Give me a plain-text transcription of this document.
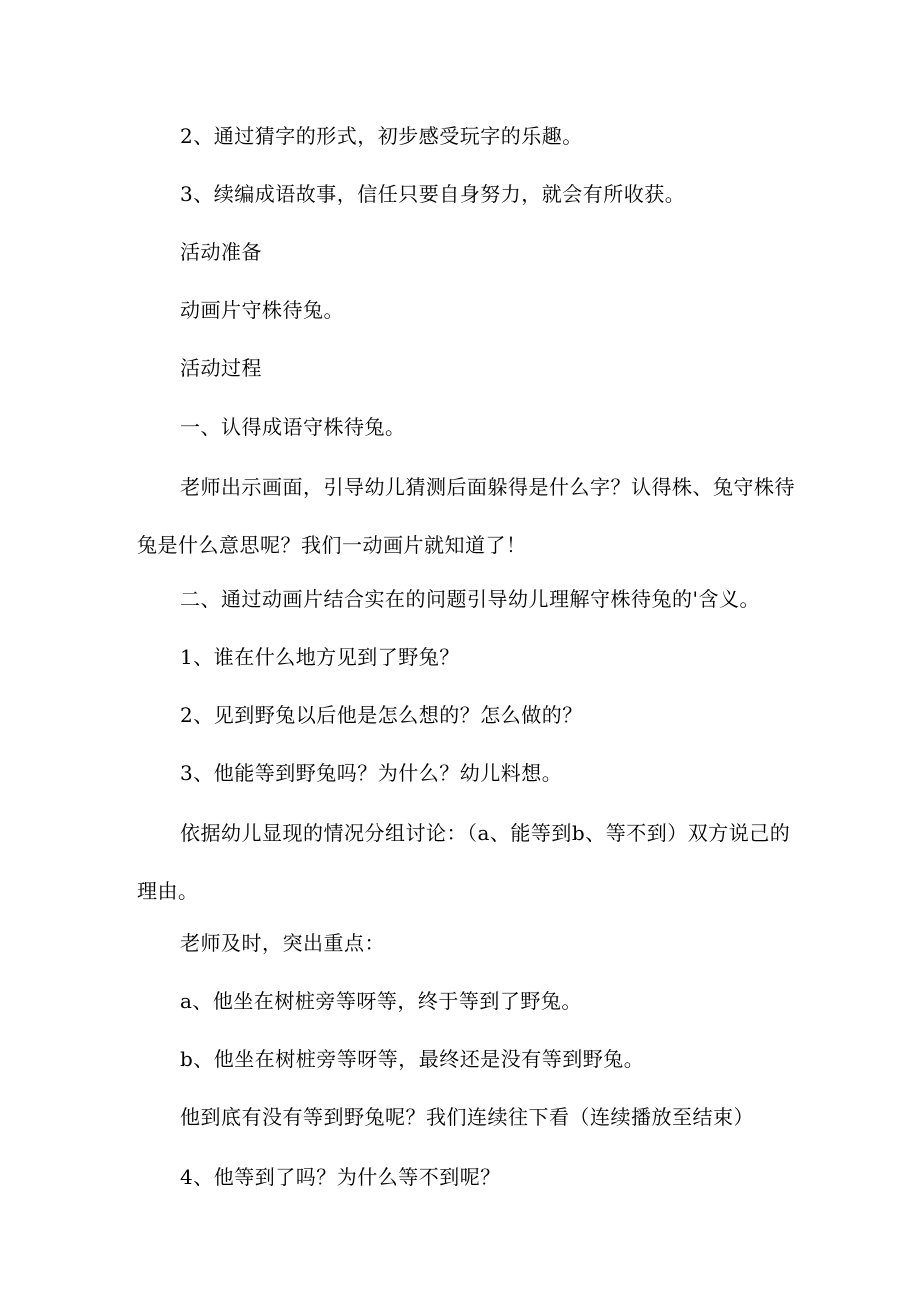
2、通过猜字的形式，初步感受玩字的乐趣。

3、续编成语故事，信任只要自身努力，就会有所收获。

活动准备

动画片守株待兔。

活动过程

一、认得成语守株待兔。

老师出示画面，引导幼儿猜测后面躲得是什么字？认得株、兔守株待兔是什么意思呢？我们一动画片就知道了！

二、通过动画片结合实在的问题引导幼儿理解守株待兔的'含义。

1、谁在什么地方见到了野兔？

2、见到野兔以后他是怎么想的？怎么做的？

3、他能等到野兔吗？为什么？幼儿料想。

依据幼儿显现的情况分组讨论：（a、能等到b、等不到）双方说己的理由。

老师及时，突出重点：

a、他坐在树桩旁等呀等，终于等到了野兔。

b、他坐在树桩旁等呀等，最终还是没有等到野兔。

他到底有没有等到野兔呢？我们连续往下看（连续播放至结束）

4、他等到了吗？为什么等不到呢？
